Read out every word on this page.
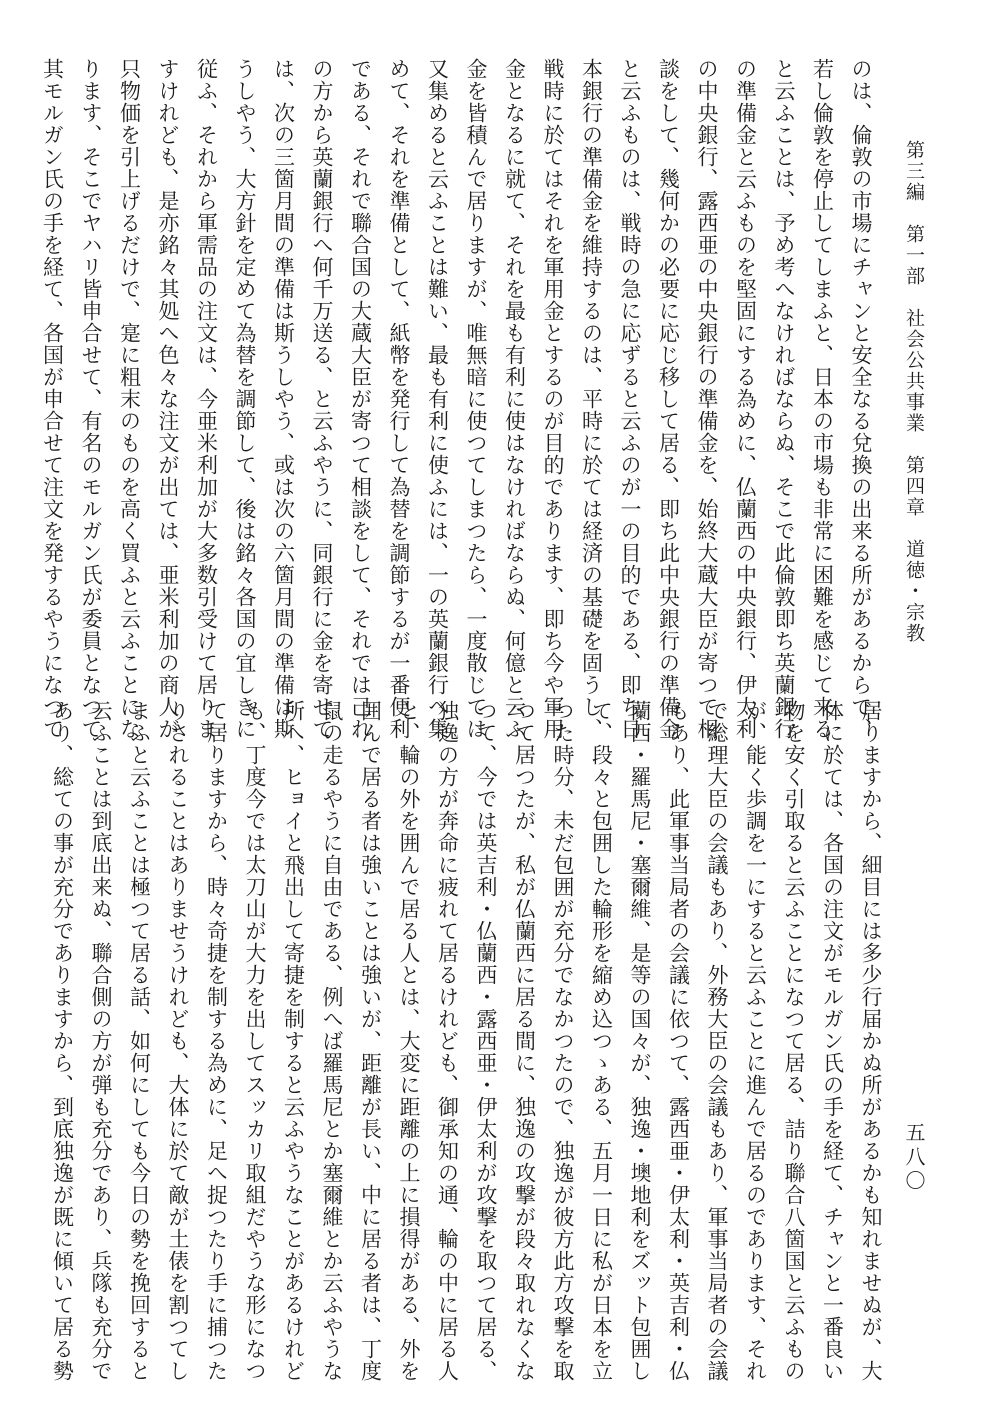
第三編　第一部　社会公共事業　第四章　道徳・宗教
五八〇
のは、倫敦の市場にチャンと安全なる兌換の出来る所があるからで、
若し倫敦を停止してしまふと、日本の市場も非常に困難を感じて来る
と云ふことは、予め考へなければならぬ、そこで此倫敦即ち英蘭銀行
の準備金と云ふものを堅固にする為めに、仏蘭西の中央銀行、伊太利
の中央銀行、露西亜の中央銀行の準備金を、始終大蔵大臣が寄つて相
談をして、幾何かの必要に応じ移して居る、即ち此中央銀行の準備金
と云ふものは、戦時の急に応ずると云ふのが一の目的である、即ち日
本銀行の準備金を維持するのは、平時に於ては経済の基礎を固うし、
戦時に於てはそれを軍用金とするのが目的であります、即ち今や軍用
金となるに就て、それを最も有利に使はなければならぬ、何億と云ふ
金を皆積んで居りますが、唯無暗に使つてしまつたら、一度散じては
又集めると云ふことは難い、最も有利に使ふには、一の英蘭銀行へ集
めて、それを準備として、紙幣を発行して為替を調節するが一番便利
である、それで聯合国の大蔵大臣が寄つて相談をして、それでは己れ
の方から英蘭銀行へ何千万送る、と云ふやうに、同銀行に金を寄せて
は、次の三箇月間の準備は斯うしやう、或は次の六箇月間の準備は斯
うしやう、大方針を定めて為替を調節して、後は銘々各国の宜しきに
従ふ、それから軍需品の注文は、今亜米利加が大多数引受けて居りま
すけれども、是亦銘々其処へ色々な注文が出ては、亜米利加の商人が
只物価を引上げるだけで、寔に粗末のものを高く買ふと云ふことにな
ります、そこでヤハリ皆申合せて、有名のモルガン氏が委員となつて
其モルガン氏の手を経て、各国が申合せて注文を発するやうになつて
居りますから、細目には多少行届かぬ所があるかも知れませぬが、大
体に於ては、各国の注文がモルガン氏の手を経て、チャンと一番良い
物を安く引取ると云ふことになつて居る、詰り聯合八箇国と云ふもの
が、能く歩調を一にすると云ふことに進んで居るのであります、それ
で総理大臣の会議もあり、外務大臣の会議もあり、軍事当局者の会議
もあり、此軍事当局者の会議に依つて、露西亜・伊太利・英吉利・仏
蘭西・羅馬尼・塞爾維、是等の国々が、独逸・墺地利をズット包囲し
て、段々と包囲した輪形を縮め込つゝある、五月一日に私が日本を立
つた時分、未だ包囲が充分でなかつたので、独逸が彼方此方攻撃を取
つて居つたが、私が仏蘭西に居る間に、独逸の攻撃が段々取れなくな
つて、今では英吉利・仏蘭西・露西亜・伊太利が攻撃を取つて居る、
独逸の方が奔命に疲れて居るけれども、御承知の通、輪の中に居る人
と、輪の外を囲んで居る人とは、大変に距離の上に損得がある、外を
囲んで居る者は強いことは強いが、距離が長い、中に居る者は、丁度
鼠の走るやうに自由である、例へば羅馬尼とか塞爾維とか云ふやうな
所へ、ヒョイと飛出して寄捷を制すると云ふやうなことがあるけれど
も、丁度今では太刀山が大力を出してスッカリ取組だやうな形になつ
て居りますから、時々奇捷を制する為めに、足へ捉つたり手に捕つた
りされることはありませうけれども、大体に於て敵が土俵を割つてし
まふと云ふことは極つて居る話、如何にしても今日の勢を挽回すると
云ふことは到底出来ぬ、聯合側の方が弾も充分であり、兵隊も充分で
あり、総ての事が充分でありますから、到底独逸が既に傾いて居る勢
